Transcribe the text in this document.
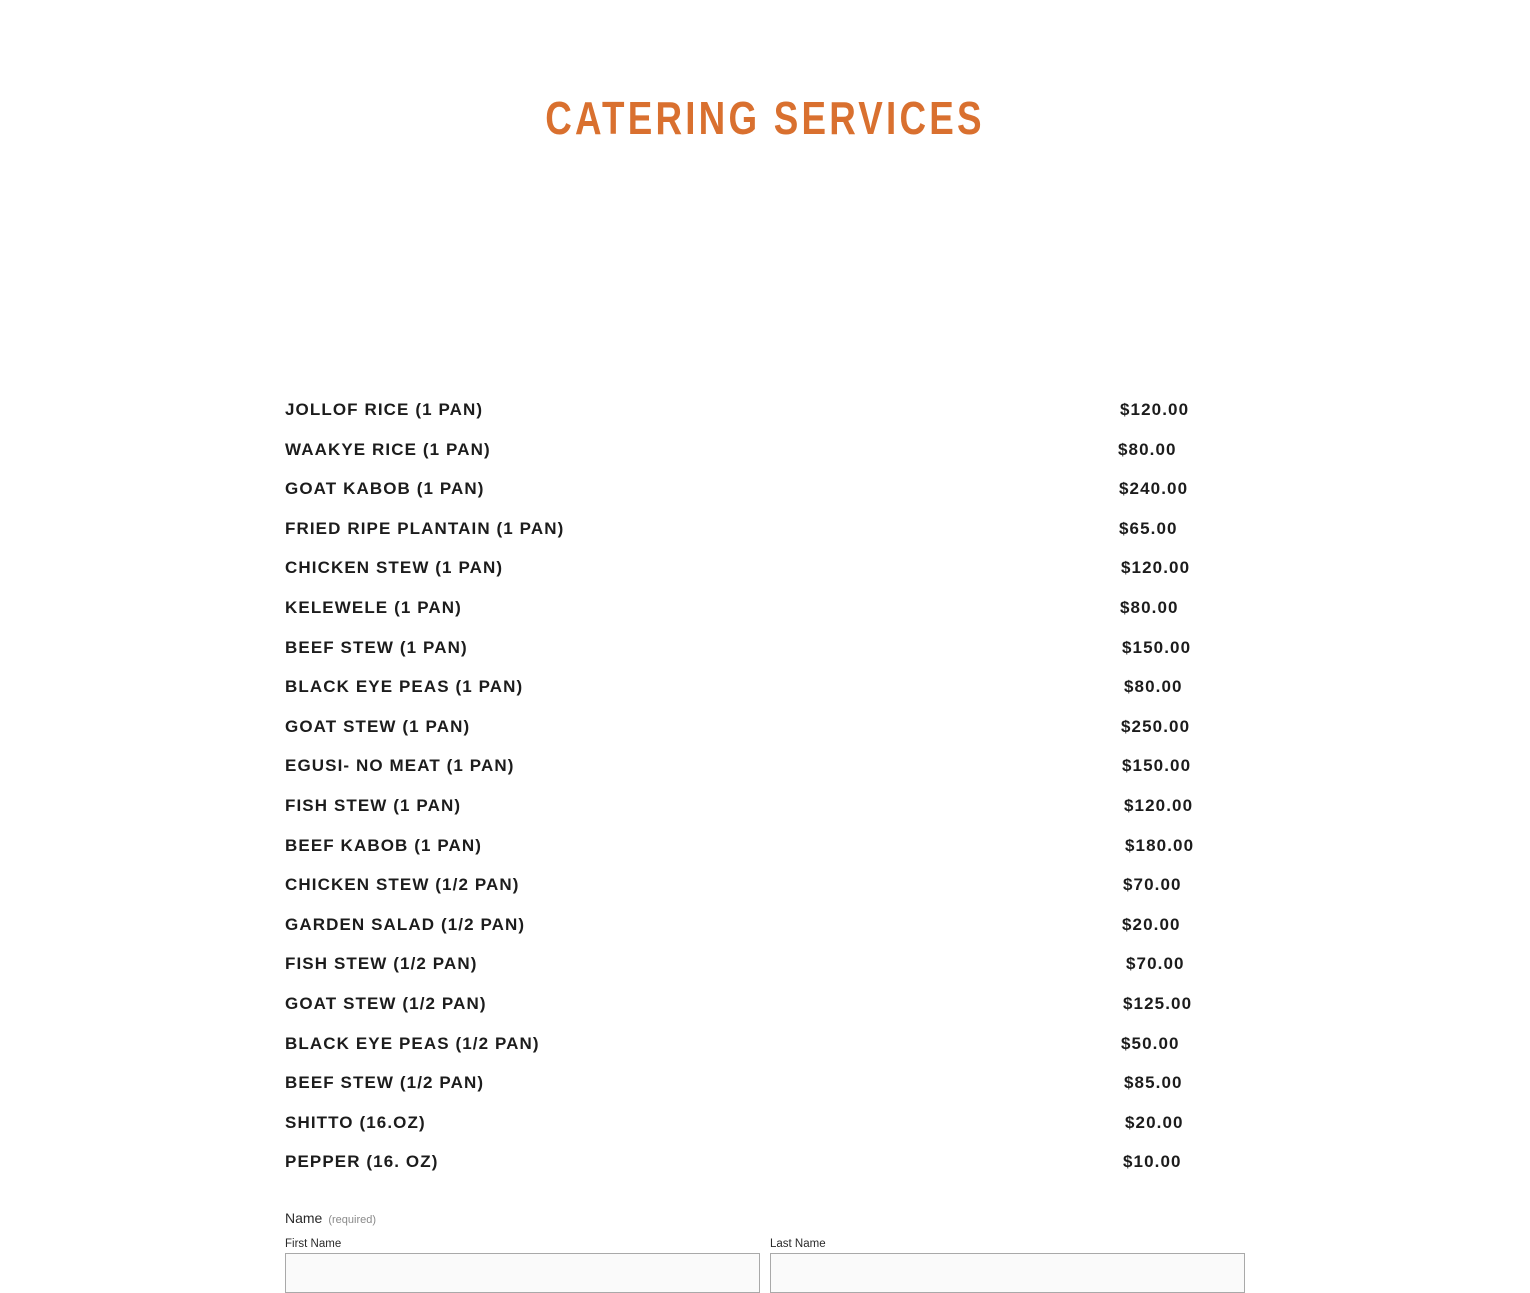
CATERING SERVICES
JOLLOF RICE (1 PAN)	$120.00
WAAKYE RICE (1 PAN)	$80.00
GOAT KABOB (1 PAN)	$240.00
FRIED RIPE PLANTAIN (1 PAN)	$65.00
CHICKEN STEW (1 PAN)	$120.00
KELEWELE (1 PAN)	$80.00
BEEF STEW (1 PAN)	$150.00
BLACK EYE PEAS (1 PAN)	$80.00
GOAT STEW (1 PAN)	$250.00
EGUSI- NO MEAT (1 PAN)	$150.00
FISH STEW (1 PAN)	$120.00
BEEF KABOB (1 PAN)	$180.00
CHICKEN STEW (1/2 PAN)	$70.00
GARDEN SALAD (1/2 PAN)	$20.00
FISH STEW (1/2 PAN)	$70.00
GOAT STEW (1/2 PAN)	$125.00
BLACK EYE PEAS (1/2 PAN)	$50.00
BEEF STEW (1/2 PAN)	$85.00
SHITTO (16.OZ)	$20.00
PEPPER (16. OZ)	$10.00
Name (required)
First Name	Last Name
